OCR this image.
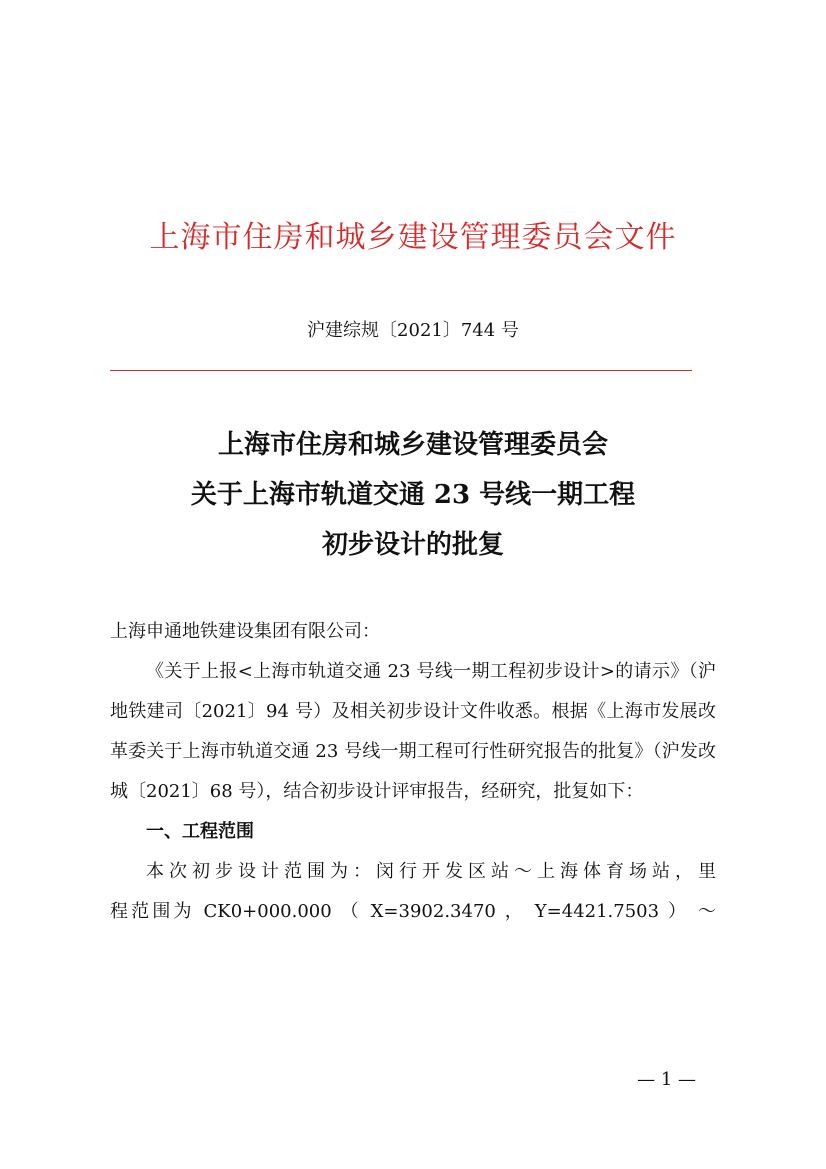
上海市住房和城乡建设管理委员会文件
沪建综规〔2021〕744 号
上海市住房和城乡建设管理委员会
关于上海市轨道交通 23 号线一期工程
初步设计的批复
上海申通地铁建设集团有限公司：
《关于上报<上海市轨道交通 23 号线一期工程初步设计>的请示》（沪地铁建司〔2021〕94 号）及相关初步设计文件收悉。根据《上海市发展改革委关于上海市轨道交通 23 号线一期工程可行性研究报告的批复》（沪发改城〔2021〕68 号），结合初步设计评审报告，经研究，批复如下：
一、工程范围
本次初步设计范围为：闵行开发区站～上海体育场站，里
程范围为 CK0+000.000 （ X=3902.3470 ， Y=4421.7503 ） ～
— 1 —
